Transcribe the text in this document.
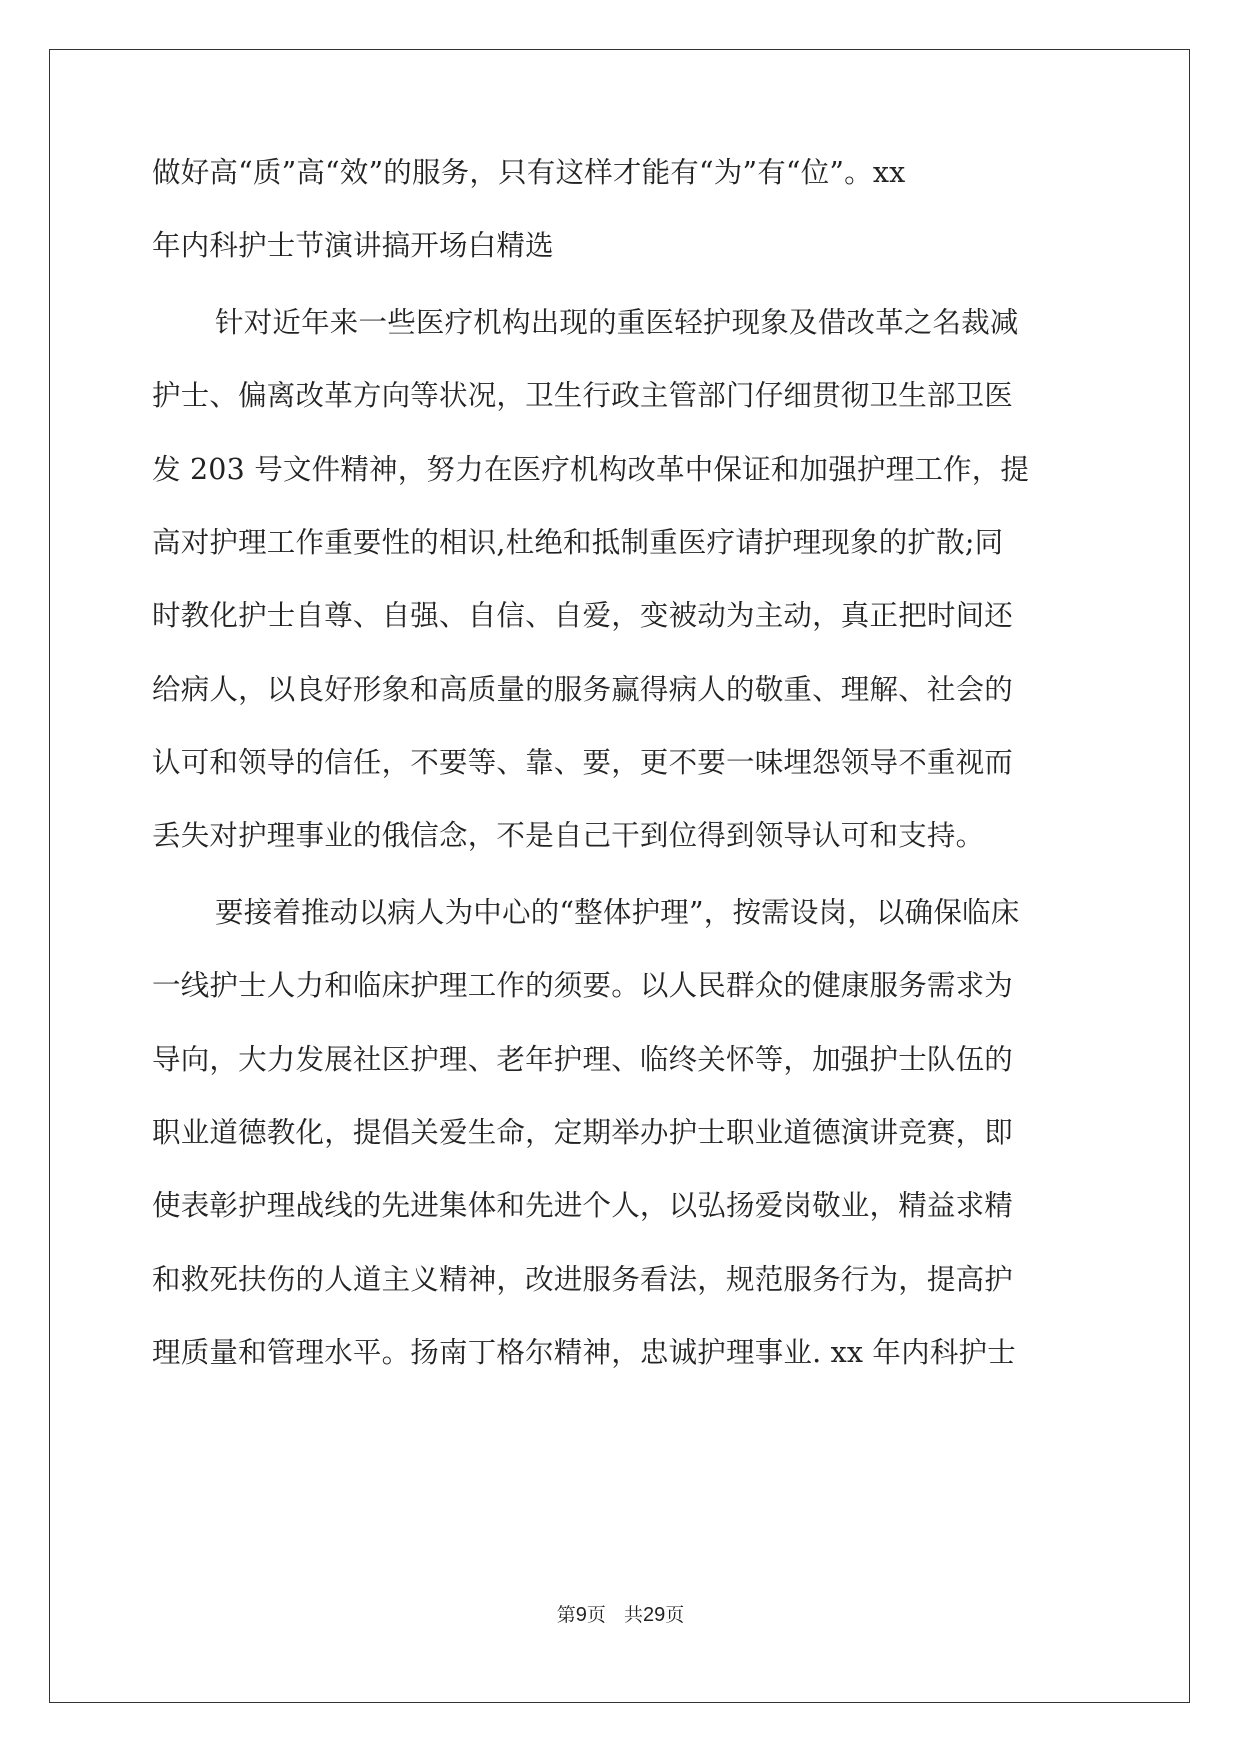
做好高“质”高“效”的服务，只有这样才能有“为”有“位”。xx
年内科护士节演讲搞开场白精选
针对近年来一些医疗机构出现的重医轻护现象及借改革之名裁减
护士、偏离改革方向等状况，卫生行政主管部门仔细贯彻卫生部卫医
发 203 号文件精神，努力在医疗机构改革中保证和加强护理工作，提
高对护理工作重要性的相识,杜绝和抵制重医疗请护理现象的扩散;同
时教化护士自尊、自强、自信、自爱，变被动为主动，真正把时间还
给病人，以良好形象和高质量的服务赢得病人的敬重、理解、社会的
认可和领导的信任，不要等、靠、要，更不要一味埋怨领导不重视而
丢失对护理事业的俄信念，不是自己干到位得到领导认可和支持。
要接着推动以病人为中心的“整体护理”，按需设岗，以确保临床
一线护士人力和临床护理工作的须要。以人民群众的健康服务需求为
导向，大力发展社区护理、老年护理、临终关怀等，加强护士队伍的
职业道德教化，提倡关爱生命，定期举办护士职业道德演讲竞赛，即
使表彰护理战线的先进集体和先进个人，以弘扬爱岗敬业，精益求精
和救死扶伤的人道主义精神，改进服务看法，规范服务行为，提高护
理质量和管理水平。扬南丁格尔精神，忠诚护理事业. xx 年内科护士
第9页 共29页
